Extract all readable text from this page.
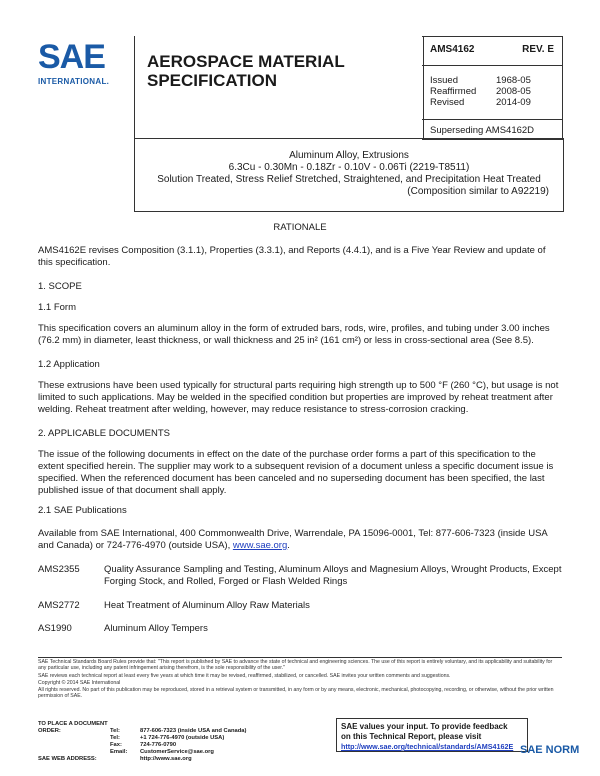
SAE
INTERNATIONAL.
AEROSPACE MATERIAL
SPECIFICATION
AMS4162	REV. E
Issued	1968-05
Reaffirmed 2008-05
Revised	2014-09
Superseding AMS4162D
Aluminum Alloy, Extrusions
6.3Cu - 0.30Mn - 0.18Zr - 0.10V - 0.06Ti (2219-T8511)
Solution Treated, Stress Relief Stretched, Straightened, and Precipitation Heat Treated
(Composition similar to A92219)
RATIONALE
AMS4162E revises Composition (3.1.1), Properties (3.3.1), and Reports (4.4.1), and is a Five Year Review and update of this specification.
1. SCOPE
1.1 Form
This specification covers an aluminum alloy in the form of extruded bars, rods, wire, profiles, and tubing under 3.00 inches (76.2 mm) in diameter, least thickness, or wall thickness and 25 in² (161 cm²) or less in cross-sectional area (See 8.5).
1.2 Application
These extrusions have been used typically for structural parts requiring high strength up to 500 °F (260 °C), but usage is not limited to such applications. May be welded in the specified condition but properties are improved by reheat treatment after welding. Reheat treatment after welding, however, may reduce resistance to stress-corrosion cracking.
2. APPLICABLE DOCUMENTS
The issue of the following documents in effect on the date of the purchase order forms a part of this specification to the extent specified herein. The supplier may work to a subsequent revision of a document unless a specific document issue is specified. When the referenced document has been canceled and no superseding document has been specified, the last published issue of that document shall apply.
2.1 SAE Publications
Available from SAE International, 400 Commonwealth Drive, Warrendale, PA 15096-0001, Tel: 877-606-7323 (inside USA and Canada) or 724-776-4970 (outside USA), www.sae.org.
AMS2355	Quality Assurance Sampling and Testing, Aluminum Alloys and Magnesium Alloys, Wrought Products, Except Forging Stock, and Rolled, Forged or Flash Welded Rings
AMS2772	Heat Treatment of Aluminum Alloy Raw Materials
AS1990	Aluminum Alloy Tempers

SAE Technical Standards Board Rules provide that: "This report is published by SAE to advance the state of technical and engineering sciences. The use of this report is entirely voluntary, and its applicability and suitability for any particular use, including any patent infringement arising therefrom, is the sole responsibility of the user."

SAE reviews each technical report at least every five years at which time it may be revised, reaffirmed, stabilized, or cancelled. SAE invites your written comments and suggestions.

Copyright © 2014 SAE International

All rights reserved. No part of this publication may be reproduced, stored in a retrieval system or transmitted, in any form or by any means, electronic, mechanical, photocopying, recording, or otherwise, without the prior written permission of SAE.

TO PLACE A DOCUMENT ORDER:	Tel:	877-606-7323 (inside USA and Canada)
Tel:	+1 724-776-4970 (outside USA)
Fax:	724-776-0790
Email: CustomerService@sae.org
SAE WEB ADDRESS:	http://www.sae.org
SAE values your input. To provide feedback
on this Technical Report, please visit
http://www.sae.org/technical/standards/AMS4162E SAE NORM
